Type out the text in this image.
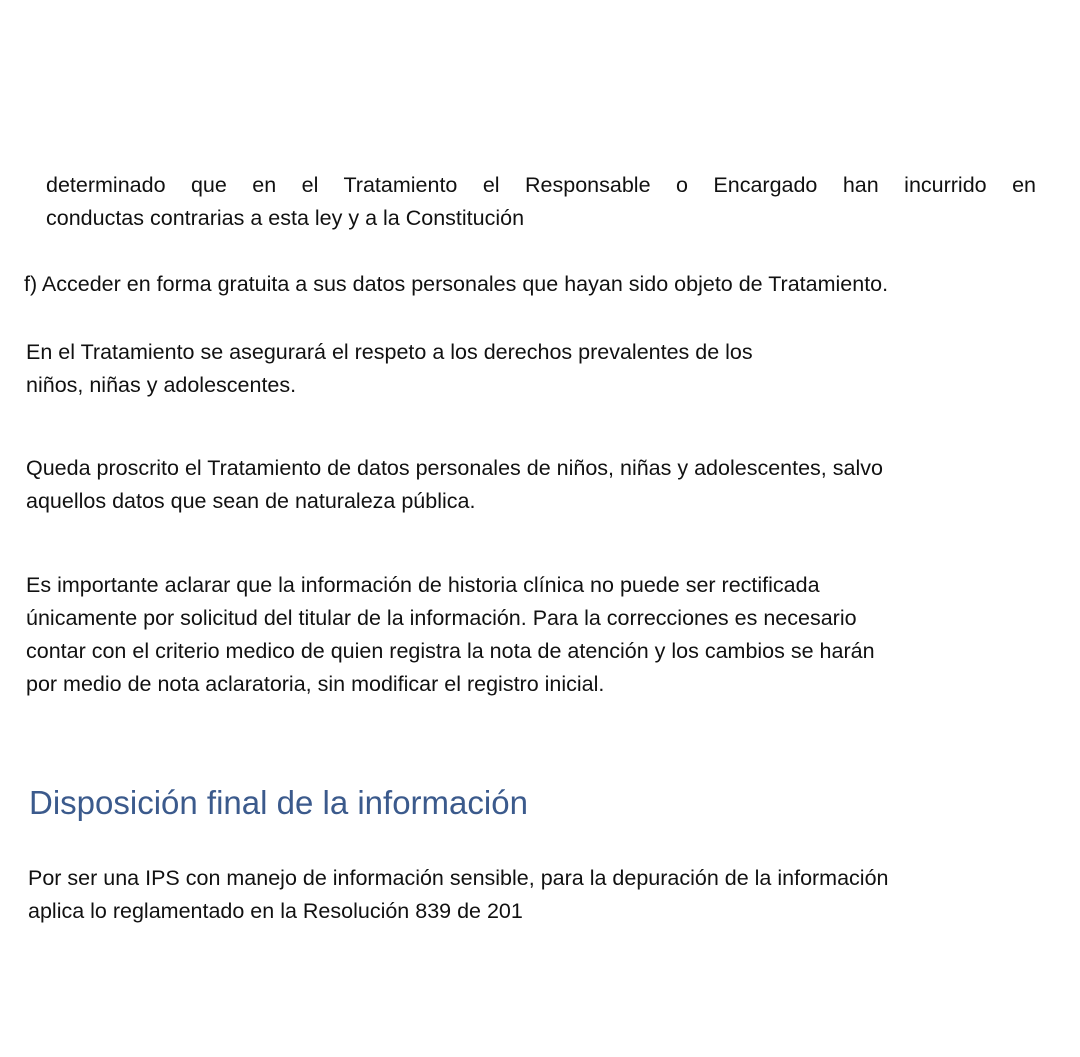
determinado que en el Tratamiento el Responsable o Encargado han incurrido en
conductas contrarias a esta ley y a la Constitución

f) Acceder en forma gratuita a sus datos personales que hayan sido objeto de Tratamiento.

En el Tratamiento se asegurará el respeto a los derechos prevalentes de los
niños, niñas y adolescentes.

Queda proscrito el Tratamiento de datos personales de niños, niñas y adolescentes, salvo
aquellos datos que sean de naturaleza pública.

Es importante aclarar que la información de historia clínica no puede ser rectificada
únicamente por solicitud del titular de la información. Para la correcciones es necesario
contar con el criterio medico de quien registra la nota de atención y los cambios se harán
por medio de nota aclaratoria, sin modificar el registro inicial.

Disposición final de la información

Por ser una IPS con manejo de información sensible, para la depuración de la información
aplica lo reglamentado en la Resolución 839 de 201
